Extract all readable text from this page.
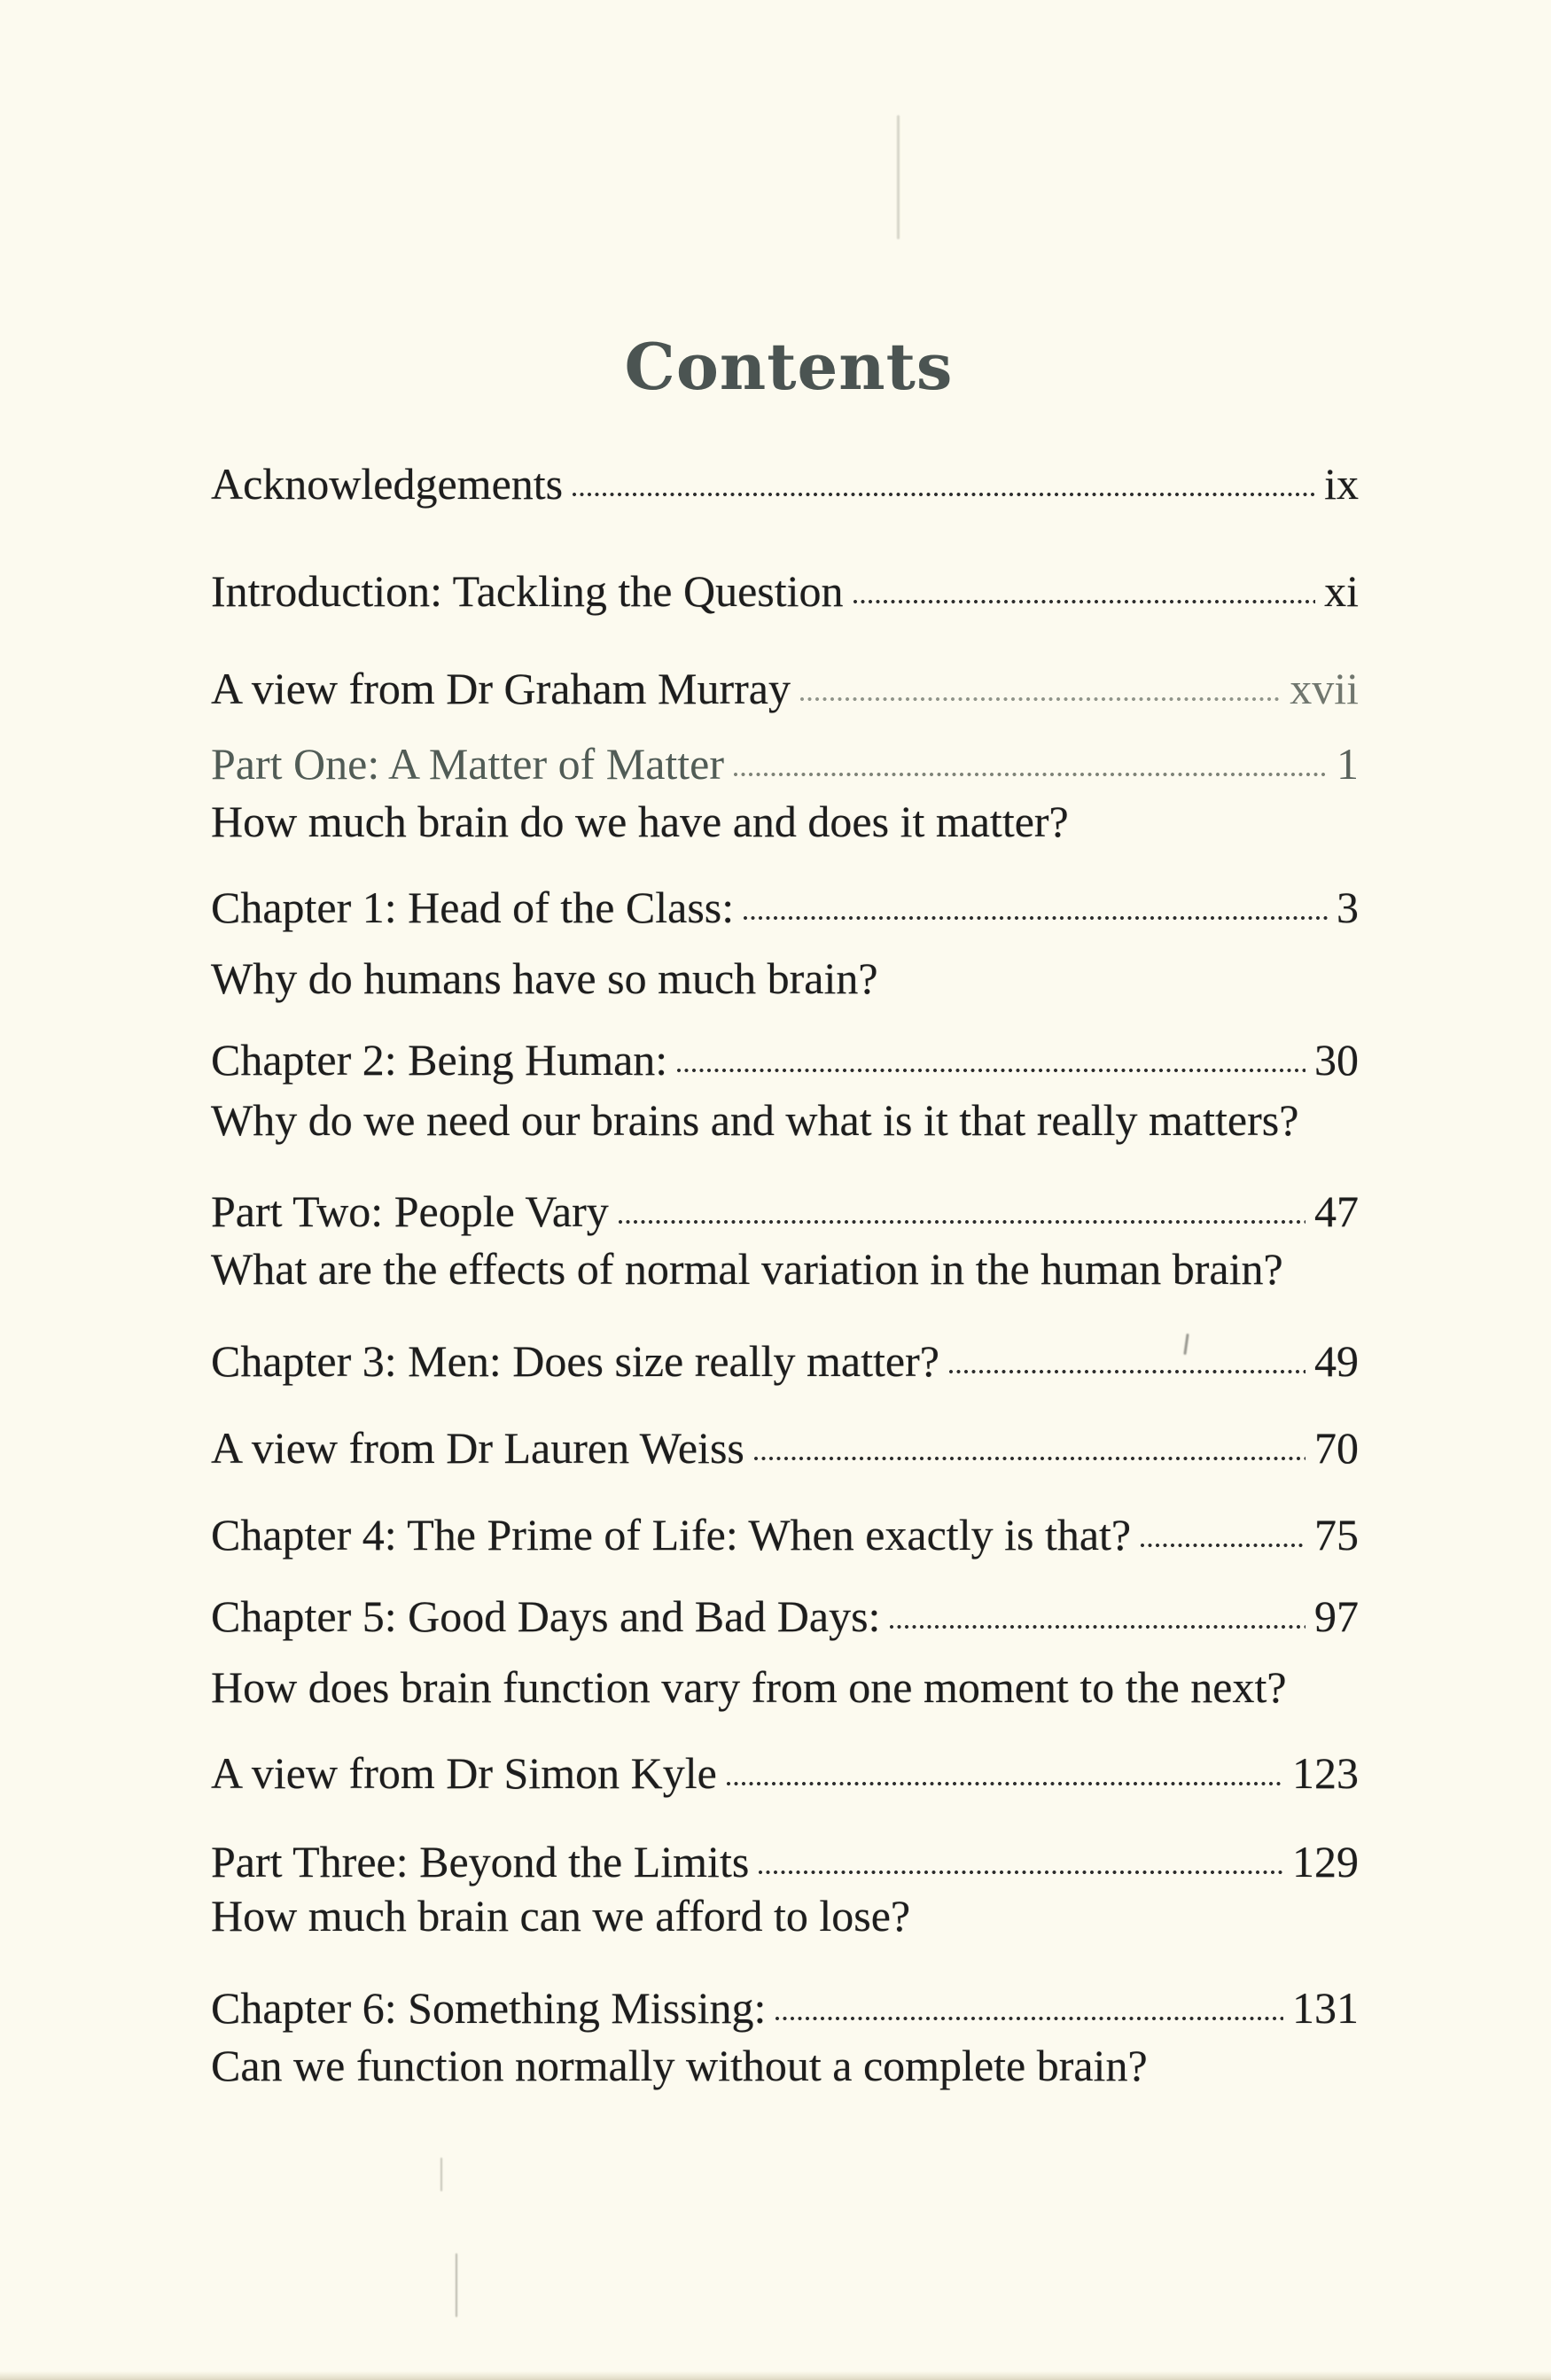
Contents
Acknowledgements	ix
Introduction: Tackling the Question	xi
A view from Dr Graham Murray	xvii
Part One: A Matter of Matter	1
How much brain do we have and does it matter?
Chapter 1: Head of the Class:	3
Why do humans have so much brain?
Chapter 2: Being Human:	30
Why do we need our brains and what is it that really matters?
Part Two: People Vary	47
What are the effects of normal variation in the human brain?
Chapter 3: Men: Does size really matter?	49
A view from Dr Lauren Weiss	70
Chapter 4: The Prime of Life: When exactly is that?	75
Chapter 5: Good Days and Bad Days:	97
How does brain function vary from one moment to the next?
A view from Dr Simon Kyle	123
Part Three: Beyond the Limits	129
How much brain can we afford to lose?
Chapter 6: Something Missing:	131
Can we function normally without a complete brain?
